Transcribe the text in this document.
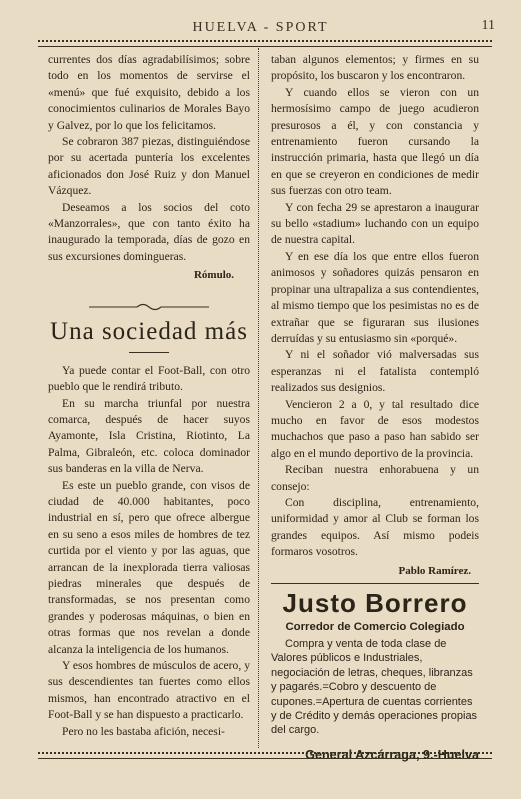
HUELVA - SPORT	11

currentes dos días agradabilísimos; sobre todo en los momentos de servirse el «menú» que fué exquisito, debido a los conocimientos culinarios de Morales Bayo y Galvez, por lo que los felicitamos.

Se cobraron 387 piezas, distinguiéndose por su acertada puntería los excelentes aficionados don José Ruiz y don Manuel Vázquez.

Deseamos a los socios del coto «Manzorrales», que con tanto éxito ha inaugurado la temporada, días de gozo en sus excursiones domingueras.

Rómulo.

Una sociedad más

Ya puede contar el Foot-Ball, con otro pueblo que le rendirá tributo.

En su marcha triunfal por nuestra comarca, después de hacer suyos Ayamonte, Isla Cristina, Riotinto, La Palma, Gibraleón, etc. coloca dominador sus banderas en la villa de Nerva.

Es este un pueblo grande, con visos de ciudad de 40.000 habitantes, poco industrial en sí, pero que ofrece albergue en su seno a esos miles de hombres de tez curtida por el viento y por las aguas, que arrancan de la inexplorada tierra valiosas piedras minerales que después de transformadas, se nos presentan como grandes y poderosas máquinas, o bien en otras formas que nos revelan a donde alcanza la inteligencia de los humanos.

Y esos hombres de músculos de acero, y sus descendientes tan fuertes como ellos mismos, han encontrado atractivo en el Foot-Ball y se han dispuesto a practicarlo.

Pero no les bastaba afición, necesi-

taban algunos elementos; y firmes en su propósito, los buscaron y los encontraron.

Y cuando ellos se vieron con un hermosísimo campo de juego acudieron presurosos a él, y con constancia y entrenamiento fueron cursando la instrucción primaria, hasta que llegó un día en que se creyeron en condiciones de medir sus fuerzas con otro team.

Y con fecha 29 se aprestaron a inaugurar su bello «stadium» luchando con un equipo de nuestra capital.

Y en ese día los que entre ellos fueron animosos y soñadores quizás pensaron en propinar una ultrapaliza a sus contendientes, al mismo tiempo que los pesimistas no es de extrañar que se figuraran sus ilusiones derruídas y su entusiasmo sin «porqué».

Y ni el soñador vió malversadas sus esperanzas ni el fatalista contempló realizados sus designios.

Vencieron 2 a 0, y tal resultado dice mucho en favor de esos modestos muchachos que paso a paso han sabido ser algo en el mundo deportivo de la provincia.

Reciban nuestra enhorabuena y un consejo:

Con disciplina, entrenamiento, uniformidad y amor al Club se forman los grandes equipos. Así mismo podeis formaros vosotros.

Pablo Ramírez.

Justo Borrero
Corredor de Comercio Colegiado

Compra y venta de toda clase de Valores públicos e Industriales, negociación de letras, cheques, libranzas y pagarés.=Cobro y descuento de cupones.=Apertura de cuentas corrientes y de Crédito y demás operaciones propias del cargo.

General Azcárraga, 9.-Huelva
